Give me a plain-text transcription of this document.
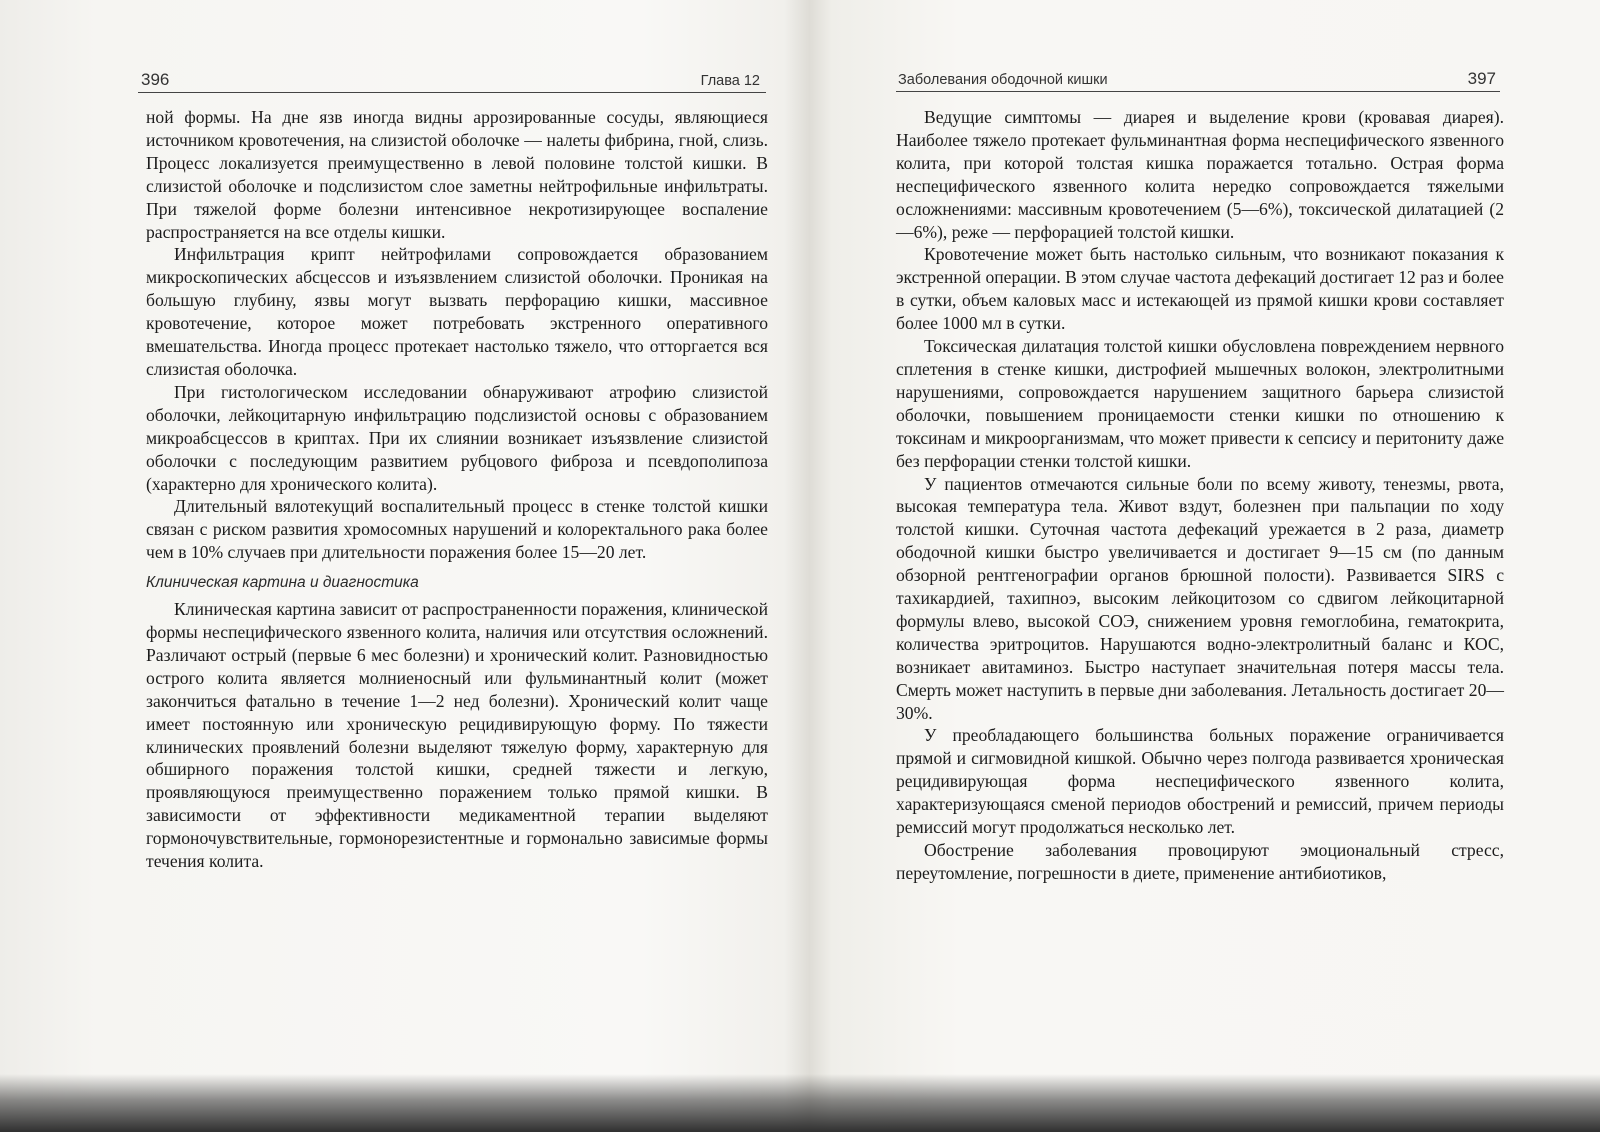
396	Глава 12

ной формы. На дне язв иногда видны аррозированные сосуды, являющиеся источником кровотечения, на слизистой оболочке — налеты фибрина, гной, слизь. Процесс локализуется преимущественно в левой половине толстой кишки. В слизистой оболочке и подслизистом слое заметны нейтрофильные инфильтраты. При тяжелой форме болезни интенсивное некротизирующее воспаление распространяется на все отделы кишки.

Инфильтрация крипт нейтрофилами сопровождается образованием микроскопических абсцессов и изъязвлением слизистой оболочки. Проникая на большую глубину, язвы могут вызвать перфорацию кишки, массивное кровотечение, которое может потребовать экстренного оперативного вмешательства. Иногда процесс протекает настолько тяжело, что отторгается вся слизистая оболочка.

При гистологическом исследовании обнаруживают атрофию слизистой оболочки, лейкоцитарную инфильтрацию подслизистой основы с образованием микроабсцессов в криптах. При их слиянии возникает изъязвление слизистой оболочки с последующим развитием рубцового фиброза и псевдополипоза (характерно для хронического колита).

Длительный вялотекущий воспалительный процесс в стенке толстой кишки связан с риском развития хромосомных нарушений и колоректального рака более чем в 10% случаев при длительности поражения более 15—20 лет.

Клиническая картина и диагностика

Клиническая картина зависит от распространенности поражения, клинической формы неспецифического язвенного колита, наличия или отсутствия осложнений. Различают острый (первые 6 мес болезни) и хронический колит. Разновидностью острого колита является молниеносный или фульминантный колит (может закончиться фатально в течение 1—2 нед болезни). Хронический колит чаще имеет постоянную или хроническую рецидивирующую форму. По тяжести клинических проявлений болезни выделяют тяжелую форму, характерную для обширного поражения толстой кишки, средней тяжести и легкую, проявляющуюся преимущественно поражением только прямой кишки. В зависимости от эффективности медикаментной терапии выделяют гормоночувствительные, гормонорезистентные и гормонально зависимые формы течения колита.

Заболевания ободочной кишки	397

Ведущие симптомы — диарея и выделение крови (кровавая диарея). Наиболее тяжело протекает фульминантная форма неспецифического язвенного колита, при которой толстая кишка поражается тотально. Острая форма неспецифического язвенного колита нередко сопровождается тяжелыми осложнениями: массивным кровотечением (5—6%), токсической дилатацией (2—6%), реже — перфорацией толстой кишки.

Кровотечение может быть настолько сильным, что возникают показания к экстренной операции. В этом случае частота дефекаций достигает 12 раз и более в сутки, объем каловых масс и истекающей из прямой кишки крови составляет более 1000 мл в сутки.

Токсическая дилатация толстой кишки обусловлена повреждением нервного сплетения в стенке кишки, дистрофией мышечных волокон, электролитными нарушениями, сопровождается нарушением защитного барьера слизистой оболочки, повышением проницаемости стенки кишки по отношению к токсинам и микроорганизмам, что может привести к сепсису и перитониту даже без перфорации стенки толстой кишки.

У пациентов отмечаются сильные боли по всему животу, тенезмы, рвота, высокая температура тела. Живот вздут, болезнен при пальпации по ходу толстой кишки. Суточная частота дефекаций урежается в 2 раза, диаметр ободочной кишки быстро увеличивается и достигает 9—15 см (по данным обзорной рентгенографии органов брюшной полости). Развивается SIRS с тахикардией, тахипноэ, высоким лейкоцитозом со сдвигом лейкоцитарной формулы влево, высокой СОЭ, снижением уровня гемоглобина, гематокрита, количества эритроцитов. Нарушаются водно-электролитный баланс и КОС, возникает авитаминоз. Быстро наступает значительная потеря массы тела. Смерть может наступить в первые дни заболевания. Летальность достигает 20—30%.

У преобладающего большинства больных поражение ограничивается прямой и сигмовидной кишкой. Обычно через полгода развивается хроническая рецидивирующая форма неспецифического язвенного колита, характеризующаяся сменой периодов обострений и ремиссий, причем периоды ремиссий могут продолжаться несколько лет.

Обострение заболевания провоцируют эмоциональный стресс, переутомление, погрешности в диете, применение антибиотиков,
